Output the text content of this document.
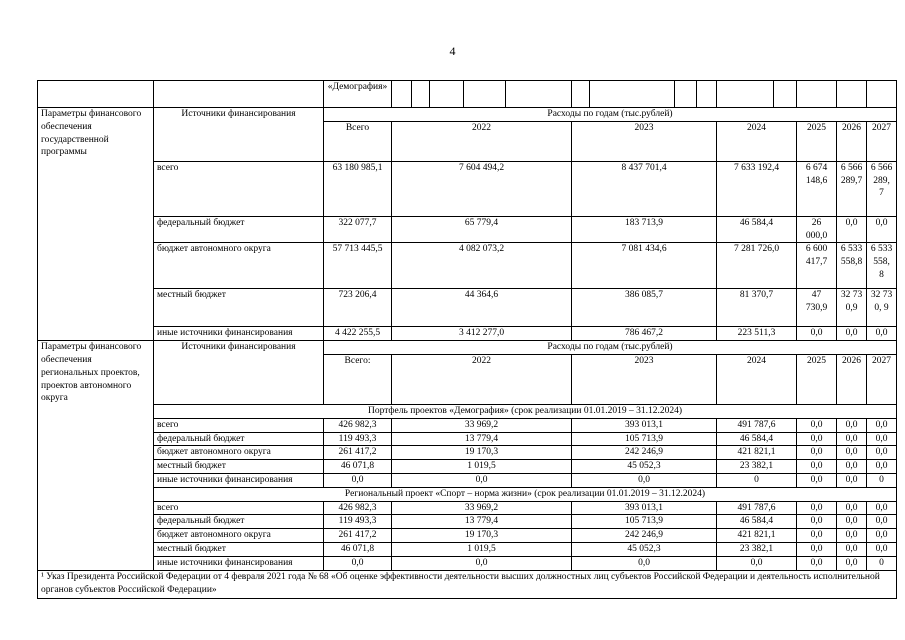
4
		«Демография»														
Параметры финансового обеспечения государственной программы	Источники финансирования	Расходы по годам (тыс.рублей)														
		Всего	2022					2023				2024		2025	2026	2027
	всего	63 180 985,1	7 604 494,2					8 437 701,4				7 633 192,4		6 674 148,6	6 566 289,7	6 566 289, 7
	федеральный бюджет	322 077,7	65 779,4					183 713,9				46 584,4		26 000,0	0,0	0,0
	бюджет автономного округа	57 713 445,5	4 082 073,2					7 081 434,6				7 281 726,0		6 600 417,7	6 533 558,8	6 533 558, 8
	местный бюджет	723 206,4	44 364,6					386 085,7				81 370,7		47 730,9	32 730,9	32 730, 9
	иные источники финансирования	4 422 255,5	3 412 277,0					786 467,2				223 511,3		0,0	0,0	0,0
Параметры финансового обеспечения региональных проектов, проектов автономного округа	Источники финансирования	Расходы по годам (тыс.рублей)														
		Всего:	2022					2023				2024		2025	2026	2027
	Портфель проектов «Демография» (срок реализации 01.01.2019 – 31.12.2024)															
	всего	426 982,3	33 969,2					393 013,1				491 787,6		0,0	0,0	0,0
	федеральный бюджет	119 493,3	13 779,4					105 713,9				46 584,4		0,0	0,0	0,0
	бюджет автономного округа	261 417,2	19 170,3					242 246,9				421 821,1		0,0	0,0	0,0
	местный бюджет	46 071,8	1 019,5					45 052,3				23 382,1		0,0	0,0	0,0
	иные источники финансирования	0,0	0,0					0,0				0		0,0	0,0	0
	Региональный проект «Спорт – норма жизни» (срок реализации 01.01.2019 – 31.12.2024)															
	всего	426 982,3	33 969,2					393 013,1				491 787,6		0,0	0,0	0,0
	федеральный бюджет	119 493,3	13 779,4					105 713,9				46 584,4		0,0	0,0	0,0
	бюджет автономного округа	261 417,2	19 170,3					242 246,9				421 821,1		0,0	0,0	0,0
	местный бюджет	46 071,8	1 019,5					45 052,3				23 382,1		0,0	0,0	0,0
	иные источники финансирования	0,0	0,0					0,0				0,0		0,0	0,0	0
¹ Указ Президента Российской Федерации от 4 февраля 2021 года № 68 «Об оценке эффективности деятельности высших должностных лиц субъектов Российской Федерации и деятельность исполнительной органов субъектов Российской Федерации»																
